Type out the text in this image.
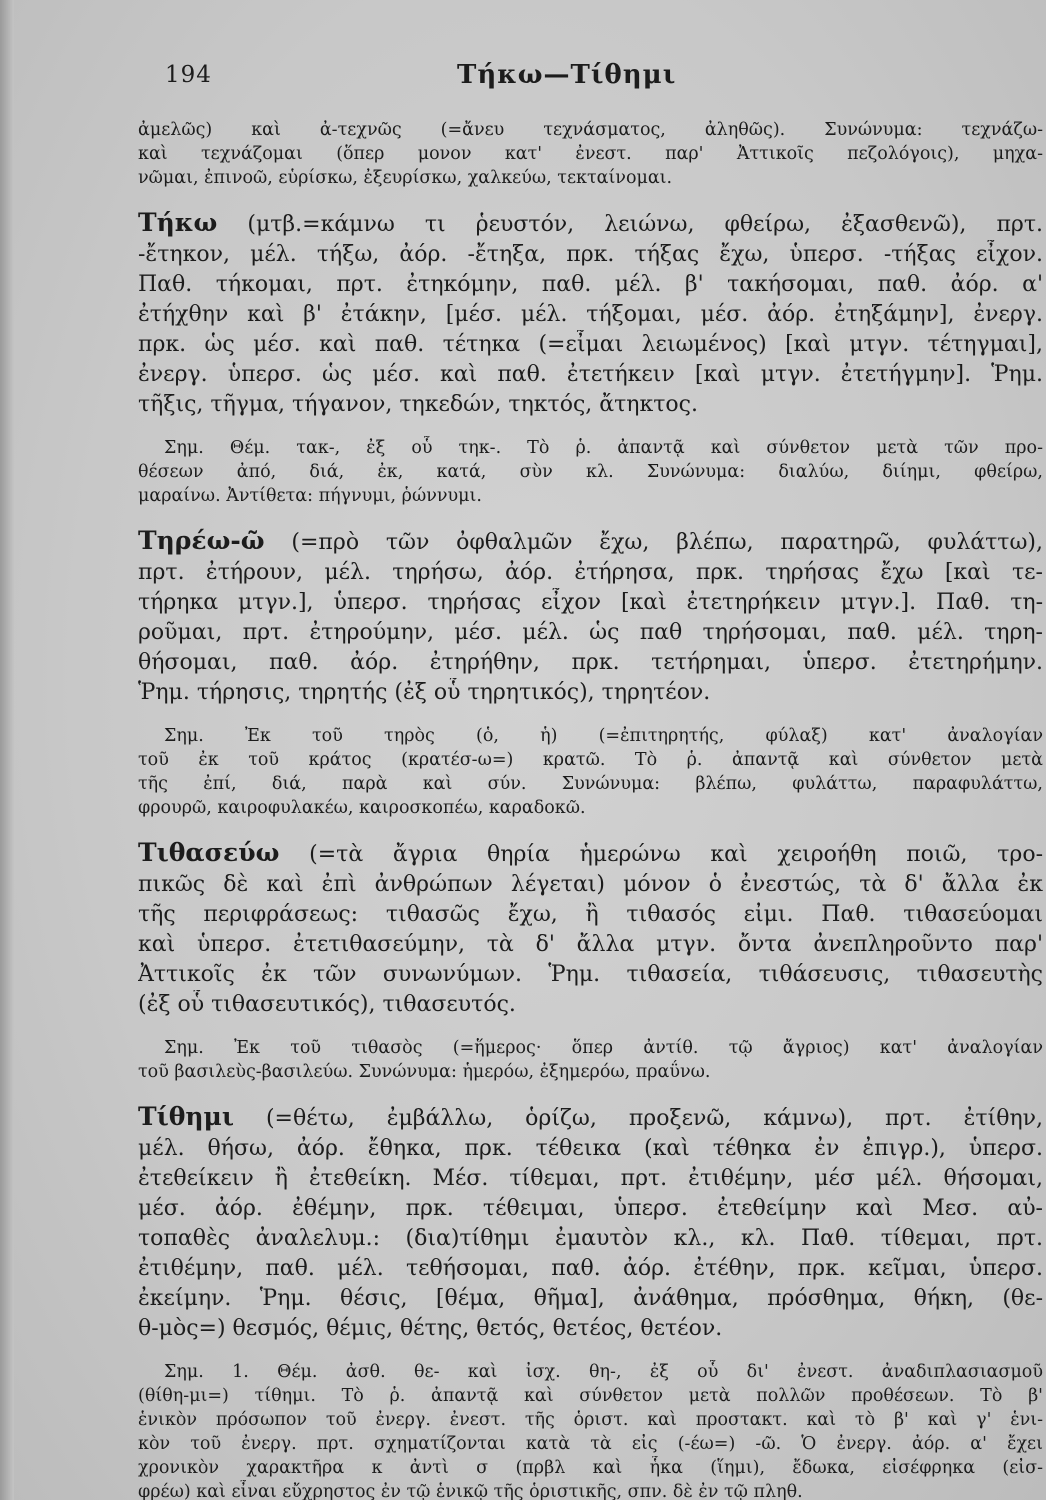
194	Τήκω—Τίθημι
ἀμελῶς) καὶ ἀ-τεχνῶς (=ἄνευ τεχνάσματος, ἀληθῶς). Συνώνυμα: τεχνάζω-
καὶ τεχνάζομαι (ὅπερ μονον κατ' ἐνεστ. παρ' Ἀττικοῖς πεζολόγοις), μηχα-
νῶμαι, ἐπινοῶ, εὑρίσκω, ἐξευρίσκω, χαλκεύω, τεκταίνομαι.
Τήκω (μτβ.=κάμνω τι ῥευστόν, λειώνω, φθείρω, ἐξασθενῶ), πρτ.
-ἔτηκον, μέλ. τήξω, ἀόρ. -ἔτηξα, πρκ. τήξας ἔχω, ὑπερσ. -τήξας εἶχον.
Παθ. τήκομαι, πρτ. ἐτηκόμην, παθ. μέλ. β' τακήσομαι, παθ. ἀόρ. α'
ἐτήχθην καὶ β' ἐτάκην, [μέσ. μέλ. τήξομαι, μέσ. ἀόρ. ἐτηξάμην], ἐνεργ.
πρκ. ὡς μέσ. καὶ παθ. τέτηκα (=εἶμαι λειωμένος) [καὶ μτγν. τέτηγμαι],
ἐνεργ. ὑπερσ. ὡς μέσ. καὶ παθ. ἐτετήκειν [καὶ μτγν. ἐτετήγμην]. Ῥημ.
τῆξις, τῆγμα, τήγανον, τηκεδών, τηκτός, ἄτηκτος.
Σημ. Θέμ. τακ-, ἐξ οὗ τηκ-. Τὸ ῥ. ἀπαντᾷ καὶ σύνθετον μετὰ τῶν προ-
θέσεων ἀπό, διά, ἐκ, κατά, σὺν κλ. Συνώνυμα: διαλύω, διίημι, φθείρω,
μαραίνω. Ἀντίθετα: πήγνυμι, ῥώννυμι.
Τηρέω-ῶ (=πρὸ τῶν ὀφθαλμῶν ἔχω, βλέπω, παρατηρῶ, φυλάττω),
πρτ. ἐτήρουν, μέλ. τηρήσω, ἀόρ. ἐτήρησα, πρκ. τηρήσας ἔχω [καὶ τε-
τήρηκα μτγν.], ὑπερσ. τηρήσας εἶχον [καὶ ἐτετηρήκειν μτγν.]. Παθ. τη-
ροῦμαι, πρτ. ἐτηρούμην, μέσ. μέλ. ὡς παθ τηρήσομαι, παθ. μέλ. τηρη-
θήσομαι, παθ. ἀόρ. ἐτηρήθην, πρκ. τετήρημαι, ὑπερσ. ἐτετηρήμην.
Ῥημ. τήρησις, τηρητής (ἐξ οὗ τηρητικός), τηρητέον.
Σημ. Ἐκ τοῦ τηρὸς (ὁ, ἡ) (=ἐπιτηρητής, φύλαξ) κατ' ἀναλογίαν
τοῦ ἐκ τοῦ κράτος (κρατέσ-ω=) κρατῶ. Τὸ ῥ. ἀπαντᾷ καὶ σύνθετον μετὰ
τῆς ἐπί, διά, παρὰ καὶ σύν. Συνώνυμα: βλέπω, φυλάττω, παραφυλάττω,
φρουρῶ, καιροφυλακέω, καιροσκοπέω, καραδοκῶ.
Τιθασεύω (=τὰ ἄγρια θηρία ἡμερώνω καὶ χειροήθη ποιῶ, τρο-
πικῶς δὲ καὶ ἐπὶ ἀνθρώπων λέγεται) μόνον ὁ ἐνεστώς, τὰ δ' ἄλλα ἐκ
τῆς περιφράσεως: τιθασῶς ἔχω, ἢ τιθασός εἰμι. Παθ. τιθασεύομαι
καὶ ὑπερσ. ἐτετιθασεύμην, τὰ δ' ἄλλα μτγν. ὄντα ἀνεπληροῦντο παρ'
Ἀττικοῖς ἐκ τῶν συνωνύμων. Ῥημ. τιθασεία, τιθάσευσις, τιθασευτὴς
(ἐξ οὗ τιθασευτικός), τιθασευτός.
Σημ. Ἐκ τοῦ τιθασὸς (=ἥμερος· ὅπερ ἀντίθ. τῷ ἄγριος) κατ' ἀναλογίαν
τοῦ βασιλεὺς-βασιλεύω. Συνώνυμα: ἡμερόω, ἐξημερόω, πραΰνω.
Τίθημι (=θέτω, ἐμβάλλω, ὁρίζω, προξενῶ, κάμνω), πρτ. ἐτίθην,
μέλ. θήσω, ἀόρ. ἔθηκα, πρκ. τέθεικα (καὶ τέθηκα ἐν ἐπιγρ.), ὑπερσ.
ἐτεθείκειν ἢ ἐτεθείκη. Μέσ. τίθεμαι, πρτ. ἐτιθέμην, μέσ μέλ. θήσομαι,
μέσ. ἀόρ. ἐθέμην, πρκ. τέθειμαι, ὑπερσ. ἐτεθείμην καὶ Μεσ. αὐ-
τοπαθὲς ἀναλελυμ.: (δια)τίθημι ἐμαυτὸν κλ., κλ. Παθ. τίθεμαι, πρτ.
ἐτιθέμην, παθ. μέλ. τεθήσομαι, παθ. ἀόρ. ἐτέθην, πρκ. κεῖμαι, ὑπερσ.
ἐκείμην. Ῥημ. θέσις, [θέμα, θῆμα], ἀνάθημα, πρόσθημα, θήκη, (θε-
θ-μὸς=) θεσμός, θέμις, θέτης, θετός, θετέος, θετέον.
Σημ. 1. Θέμ. ἀσθ. θε- καὶ ἰσχ. θη-, ἐξ οὗ δι' ἐνεστ. ἀναδιπλασιασμοῦ
(θίθη-μι=) τίθημι. Τὸ ῥ. ἀπαντᾷ καὶ σύνθετον μετὰ πολλῶν προθέσεων. Τὸ β'
ἑνικὸν πρόσωπον τοῦ ἐνεργ. ἐνεστ. τῆς ὁριστ. καὶ προστακτ. καὶ τὸ β' καὶ γ' ἑνι-
κὸν τοῦ ἐνεργ. πρτ. σχηματίζονται κατὰ τὰ εἰς (-έω=) -ῶ. Ὁ ἐνεργ. ἀόρ. α' ἔχει
χρονικὸν χαρακτῆρα κ ἀντὶ σ (πρβλ καὶ ἧκα (ἵημι), ἔδωκα, εἰσέφρηκα (εἰσ-
φρέω) καὶ εἶναι εὔχρηστος ἐν τῷ ἑνικῷ τῆς ὁριστικῆς, σπν. δὲ ἐν τῷ πληθ.
